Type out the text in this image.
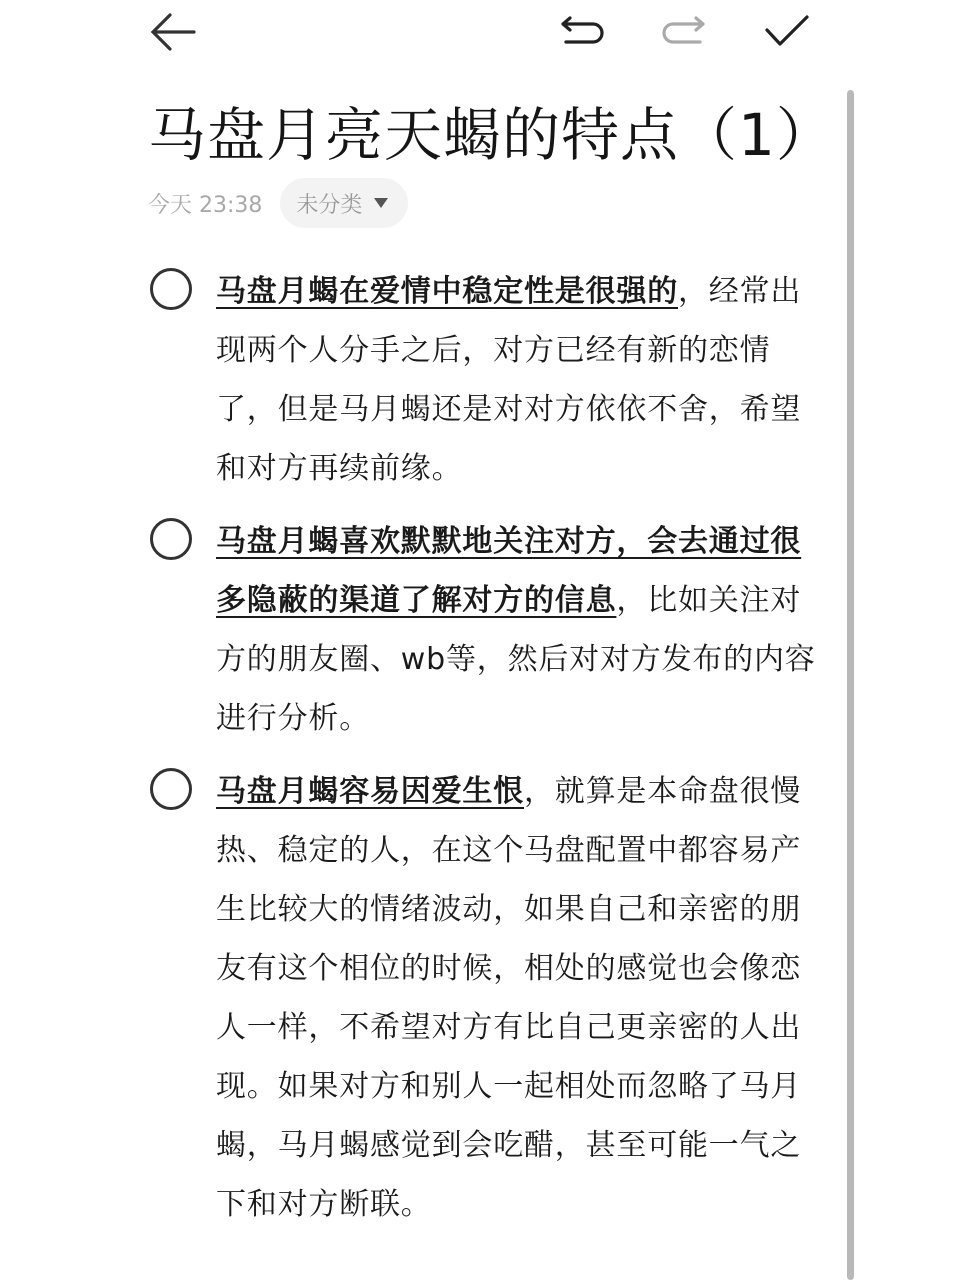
马盘月亮天蝎的特点（1）
今天 23:38 未分类
马盘月蝎在爱情中稳定性是很强的，经常出现两个人分手之后，对方已经有新的恋情了，但是马月蝎还是对对方依依不舍，希望和对方再续前缘。
马盘月蝎喜欢默默地关注对方，会去通过很多隐蔽的渠道了解对方的信息，比如关注对方的朋友圈、wb等，然后对对方发布的内容进行分析。
马盘月蝎容易因爱生恨，就算是本命盘很慢热、稳定的人，在这个马盘配置中都容易产生比较大的情绪波动，如果自己和亲密的朋友有这个相位的时候，相处的感觉也会像恋人一样，不希望对方有比自己更亲密的人出现。如果对方和别人一起相处而忽略了马月蝎，马月蝎感觉到会吃醋，甚至可能一气之下和对方断联。
